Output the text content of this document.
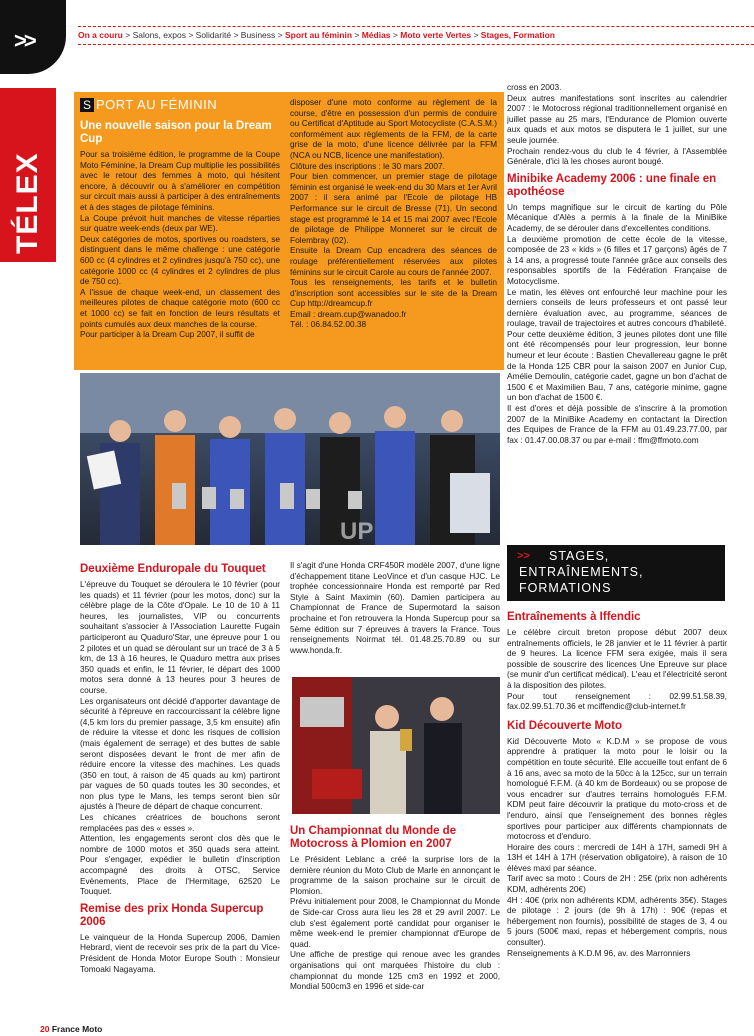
>>	On a couru > Salons, expos > Solidarité > Business > Sport au féminin > Médias > Moto verte Vertes > Stages, Formation
TÉLEX
S PORT AU FÉMININ
Une nouvelle saison pour la Dream Cup

Pour sa troisième édition, le programme de la Coupe Moto Féminine, la Dream Cup multiplie les possibilités avec le retour des femmes à moto, qui hésitent encore, à découvrir ou à s'améliorer en compétition sur circuit mais aussi à participer à des entraînements et à des stages de pilotage féminins.

La Coupe prévoit huit manches de vitesse réparties sur quatre week-ends (deux par WE).

Deux catégories de motos, sportives ou roadsters, se distinguent dans le même challenge : une catégorie 600 cc (4 cylindres et 2 cylindres jusqu'à 750 cc), une catégorie 1000 cc (4 cylindres et 2 cylindres de plus de 750 cc).

A l'issue de chaque week-end, un classement des meilleures pilotes de chaque catégorie moto (600 cc et 1000 cc) se fait en fonction de leurs résultats et points cumulés aux deux manches de la course.

Pour participer à la Dream Cup 2007, il suffit de

disposer d'une moto conforme au règlement de la course, d'être en possession d'un permis de conduire ou Certificat d'Aptitude au Sport Motocycliste (C.A.S.M.) conformément aux règlements de la FFM, de la carte grise de la moto, d'une licence délivrée par la FFM (NCA ou NCB, licence une manifestation).

Clôture des inscriptions : le 30 mars 2007.

Pour bien commencer, un premier stage de pilotage féminin est organisé le week-end du 30 Mars et 1er Avril 2007 : il sera animé par l'Ecole de pilotage HB Performance sur le circuit de Bresse (71). Un second stage est programmé le 14 et 15 mai 2007 avec l'Ecole de pilotage de Philippe Monneret sur le circuit de Folembray (02).

Ensuite la Dream Cup encadrera des séances de roulage préférentiellement réservées aux pilotes féminins sur le circuit Carole au cours de l'année 2007.

Tous les renseignements, les tarifs et le bulletin d'inscription sont accessibles sur le site de la Dream Cup http://dreamcup.fr

Email : dream.cup@wanadoo.fr

Tél. : 06.84.52.00.38

UP
Deuxième Enduropale du Touquet

L'épreuve du Touquet se déroulera le 10 février (pour les quads) et 11 février (pour les motos, donc) sur la célèbre plage de la Côte d'Opale. Le 10 de 10 à 11 heures, les journalistes, VIP ou concurrents souhaitant s'associer à l'Association Laurette Fugain participeront au Quaduro'Star, une épreuve pour 1 ou 2 pilotes et un quad se déroulant sur un tracé de 3 à 5 km, de 13 à 16 heures, le Quaduro mettra aux prises 350 quads et enfin, le 11 février, le départ des 1000 motos sera donné à 13 heures pour 3 heures de course.

Les organisateurs ont décidé d'apporter davantage de sécurité à l'épreuve en raccourcissant la célèbre ligne (4,5 km lors du premier passage, 3,5 km ensuite) afin de réduire la vitesse et donc les risques de collision (mais également de serrage) et des buttes de sable seront disposées devant le front de mer afin de réduire encore la vitesse des machines. Les quads (350 en tout, à raison de 45 quads au km) partiront par vagues de 50 quads toutes les 30 secondes, et non plus type le Mans, les temps seront bien sûr ajustés à l'heure de départ de chaque concurrent.

Les chicanes créatrices de bouchons seront remplacées pas des « esses ».

Attention, les engagements seront clos dès que le nombre de 1000 motos et 350 quads sera atteint. Pour s'engager, expédier le bulletin d'inscription accompagné des droits à OTSC, Service Evènements, Place de l'Hermitage, 62520 Le Touquet.

Remise des prix Honda Supercup 2006

Le vainqueur de la Honda Supercup 2006, Damien Hebrard, vient de recevoir ses prix de la part du Vice-Président de Honda Motor Europe South : Monsieur Tomoaki Nagayama.

Il s'agit d'une Honda CRF450R modèle 2007, d'une ligne d'échappement titane LeoVince et d'un casque HJC. Le trophée concessionnaire Honda est remporté par Red Style à Saint Maximin (60). Damien participera au Championnat de France de Supermotard la saison prochaine et l'on retrouvera la Honda Supercup pour sa 5ème édition sur 7 épreuves à travers la France. Tous renseignements Noirmat tél. 01.48.25.70.89 ou sur www.honda.fr.

Un Championnat du Monde de Motocross à Plomion en 2007

Le Président Leblanc a créé la surprise lors de la dernière réunion du Moto Club de Marle en annonçant le programme de la saison prochaine sur le circuit de Plomion.

Prévu initialement pour 2008, le Championnat du Monde de Side-car Cross aura lieu les 28 et 29 avril 2007. Le club s'est également porté candidat pour organiser le même week-end le premier championnat d'Europe de quad.

Une affiche de prestige qui renoue avec les grandes organisations qui ont marquées l'histoire du club : championnat du monde 125 cm3 en 1992 et 2000, Mondial 500cm3 en 1996 et side-car

cross en 2003.

Deux autres manifestations sont inscrites au calendrier 2007 : le Motocross régional traditionnellement organisé en juillet passe au 25 mars, l'Endurance de Plomion ouverte aux quads et aux motos se disputera le 1 juillet, sur une seule journée.

Prochain rendez-vous du club le 4 février, à l'Assemblée Générale, d'ici là les choses auront bougé.

Minibike Academy 2006 : une finale en apothéose

Un temps magnifique sur le circuit de karting du Pôle Mécanique d'Alès a permis à la finale de la MiniBike Academy, de se dérouler dans d'excellentes conditions.

La deuxième promotion de cette école de la vitesse, composée de 23 « kids » (6 filles et 17 garçons) âgés de 7 à 14 ans, a progressé toute l'année grâce aux conseils des responsables sportifs de la Fédération Française de Motocyclisme.

Le matin, les élèves ont enfourché leur machine pour les derniers conseils de leurs professeurs et ont passé leur dernière évaluation avec, au programme, séances de roulage, travail de trajectoires et autres concours d'habileté.

Pour cette deuxième édition, 3 jeunes pilotes dont une fille ont été récompensés pour leur progression, leur bonne humeur et leur écoute : Bastien Chevallereau gagne le prêt de la Honda 125 CBR pour la saison 2007 en Junior Cup, Amélie Demoulin, catégorie cadet, gagne un bon d'achat de 1500 € et Maximilien Bau, 7 ans, catégorie minime, gagne un bon d'achat de 1500 €.

Il est d'ores et déjà possible de s'inscrire à la promotion 2007 de la MiniBike Academy en contactant la Direction des Equipes de France de la FFM au 01.49.23.77.00, par fax : 01.47.00.08.37 ou par e-mail : ffm@ffmoto.com

>> STAGES,
ENTRAÎNEMENTS,
FORMATIONS
Entraînements à Iffendic

Le célèbre circuit breton propose début 2007 deux entraînements officiels, le 28 janvier et le 11 février à partir de 9 heures. La licence FFM sera exigée, mais il sera possible de souscrire des licences Une Epreuve sur place (se munir d'un certificat médical). L'eau et l'électricité seront à la disposition des pilotes.

Pour tout renseignement : 02.99.51.58.39, fax.02.99.51.70.36 et mciffendic@club-internet.fr

Kid Découverte Moto

Kid Découverte Moto « K.D.M » se propose de vous apprendre à pratiquer la moto pour le loisir ou la compétition en toute sécurité. Elle accueille tout enfant de 6 à 16 ans, avec sa moto de la 50cc à la 125cc, sur un terrain homologué F.F.M. (à 40 km de Bordeaux) ou se propose de vous encadrer sur d'autres terrains homologués F.F.M. KDM peut faire découvrir la pratique du moto-cross et de l'enduro, ainsi que l'enseignement des bonnes règles sportives pour participer aux différents championnats de motocross et d'enduro.

Horaire des cours : mercredi de 14H à 17H, samedi 9H à 13H et 14H à 17H (réservation obligatoire), à raison de 10 élèves maxi par séance.

Tarif avec sa moto : Cours de 2H : 25€ (prix non adhérents KDM, adhérents 20€)

4H : 40€ (prix non adhérents KDM, adhérents 35€). Stages de pilotage : 2 jours (de 9h à 17h) : 90€ (repas et hébergement non fournis), possibilité de stages de 3, 4 ou 5 jours (500€ maxi, repas et hébergement compris, nous consulter).

Renseignements à K.D.M 96, av. des Marronniers

20 France Moto
